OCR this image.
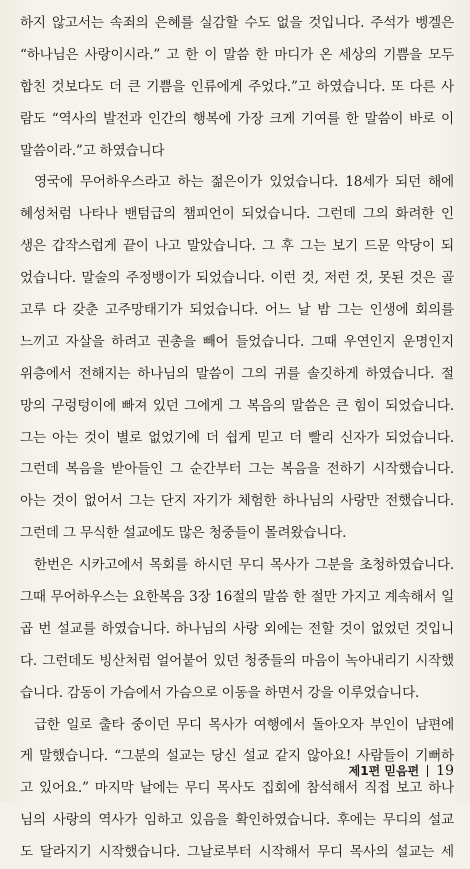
하지 않고서는 속죄의 은혜를 실감할 수도 없을 것입니다. 주석가 벵겔은
“하나님은 사랑이시라.” 고 한 이 말씀 한 마디가 온 세상의 기쁨을 모두
합친 것보다도 더 큰 기쁨을 인류에게 주었다.”고 하였습니다. 또 다른 사
람도 “역사의 발전과 인간의 행복에 가장 크게 기여를 한 말씀이 바로 이
말씀이라.”고 하였습니다
영국에 무어하우스라고 하는 젊은이가 있었습니다. 18세가 되던 해에
혜성처럼 나타나 밴텀급의 챔피언이 되었습니다. 그런데 그의 화려한 인
생은 갑작스럽게 끝이 나고 말았습니다. 그 후 그는 보기 드문 악당이 되
었습니다. 말술의 주정뱅이가 되었습니다. 이런 것, 저런 것, 못된 것은 골
고루 다 갖춘 고주망태기가 되었습니다. 어느 날 밤 그는 인생에 회의를
느끼고 자살을 하려고 권총을 빼어 들었습니다. 그때 우연인지 운명인지
위층에서 전해지는 하나님의 말씀이 그의 귀를 솔깃하게 하였습니다. 절
망의 구렁텅이에 빠져 있던 그에게 그 복음의 말씀은 큰 힘이 되었습니다.
그는 아는 것이 별로 없었기에 더 쉽게 믿고 더 빨리 신자가 되었습니다.
그런데 복음을 받아들인 그 순간부터 그는 복음을 전하기 시작했습니다.
아는 것이 없어서 그는 단지 자기가 체험한 하나님의 사랑만 전했습니다.
그런데 그 무식한 설교에도 많은 청중들이 몰려왔습니다.
한번은 시카고에서 목회를 하시던 무디 목사가 그분을 초청하였습니다.
그때 무어하우스는 요한복음 3장 16절의 말씀 한 절만 가지고 계속해서 일
곱 번 설교를 하였습니다. 하나님의 사랑 외에는 전할 것이 없었던 것입니
다. 그런데도 빙산처럼 얼어붙어 있던 청중들의 마음이 녹아내리기 시작했
습니다. 감동이 가슴에서 가슴으로 이동을 하면서 강을 이루었습니다.
급한 일로 출타 중이던 무디 목사가 여행에서 돌아오자 부인이 남편에
게 말했습니다. “그분의 설교는 당신 설교 같지 않아요! 사람들이 기뻐하
고 있어요.” 마지막 날에는 무디 목사도 집회에 참석해서 직접 보고 하나
님의 사랑의 역사가 임하고 있음을 확인하였습니다. 후에는 무디의 설교
도 달라지기 시작했습니다. 그날로부터 시작해서 무디 목사의 설교는 세
제1편 믿음편 19
